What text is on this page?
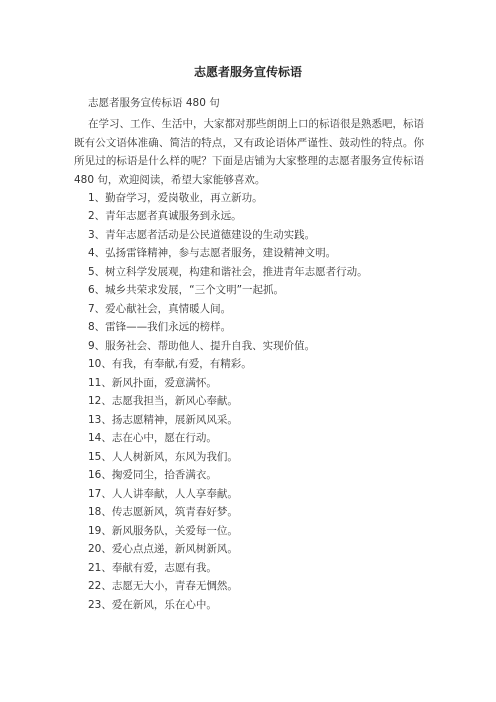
志愿者服务宣传标语
志愿者服务宣传标语 480 句
在学习、工作、生活中，大家都对那些朗朗上口的标语很是熟悉吧，标语既有公文语体准确、简洁的特点，又有政论语体严谨性、鼓动性的特点。你所见过的标语是什么样的呢？下面是店铺为大家整理的志愿者服务宣传标语 480 句，欢迎阅读，希望大家能够喜欢。
1、勤奋学习，爱岗敬业，再立新功。
2、青年志愿者真诚服务到永远。
3、青年志愿者活动是公民道德建设的生动实践。
4、弘扬雷锋精神，参与志愿者服务，建设精神文明。
5、树立科学发展观，构建和谐社会，推进青年志愿者行动。
6、城乡共荣求发展，“三个文明”一起抓。
7、爱心献社会，真情暖人间。
8、雷锋——我们永远的榜样。
9、服务社会、帮助他人、提升自我、实现价值。
10、有我，有奉献,有爱，有精彩。
11、新风扑面，爱意满怀。
12、志愿我担当，新风心奉献。
13、扬志愿精神，展新风风采。
14、志在心中，愿在行动。
15、人人树新风，东风为我们。
16、掬爱同尘，拾香满衣。
17、人人讲奉献，人人享奉献。
18、传志愿新风，筑青春好梦。
19、新风服务队，关爱每一位。
20、爱心点点递，新风树新风。
21、奉献有爱，志愿有我。
22、志愿无大小，青春无惆然。
23、爱在新风，乐在心中。
